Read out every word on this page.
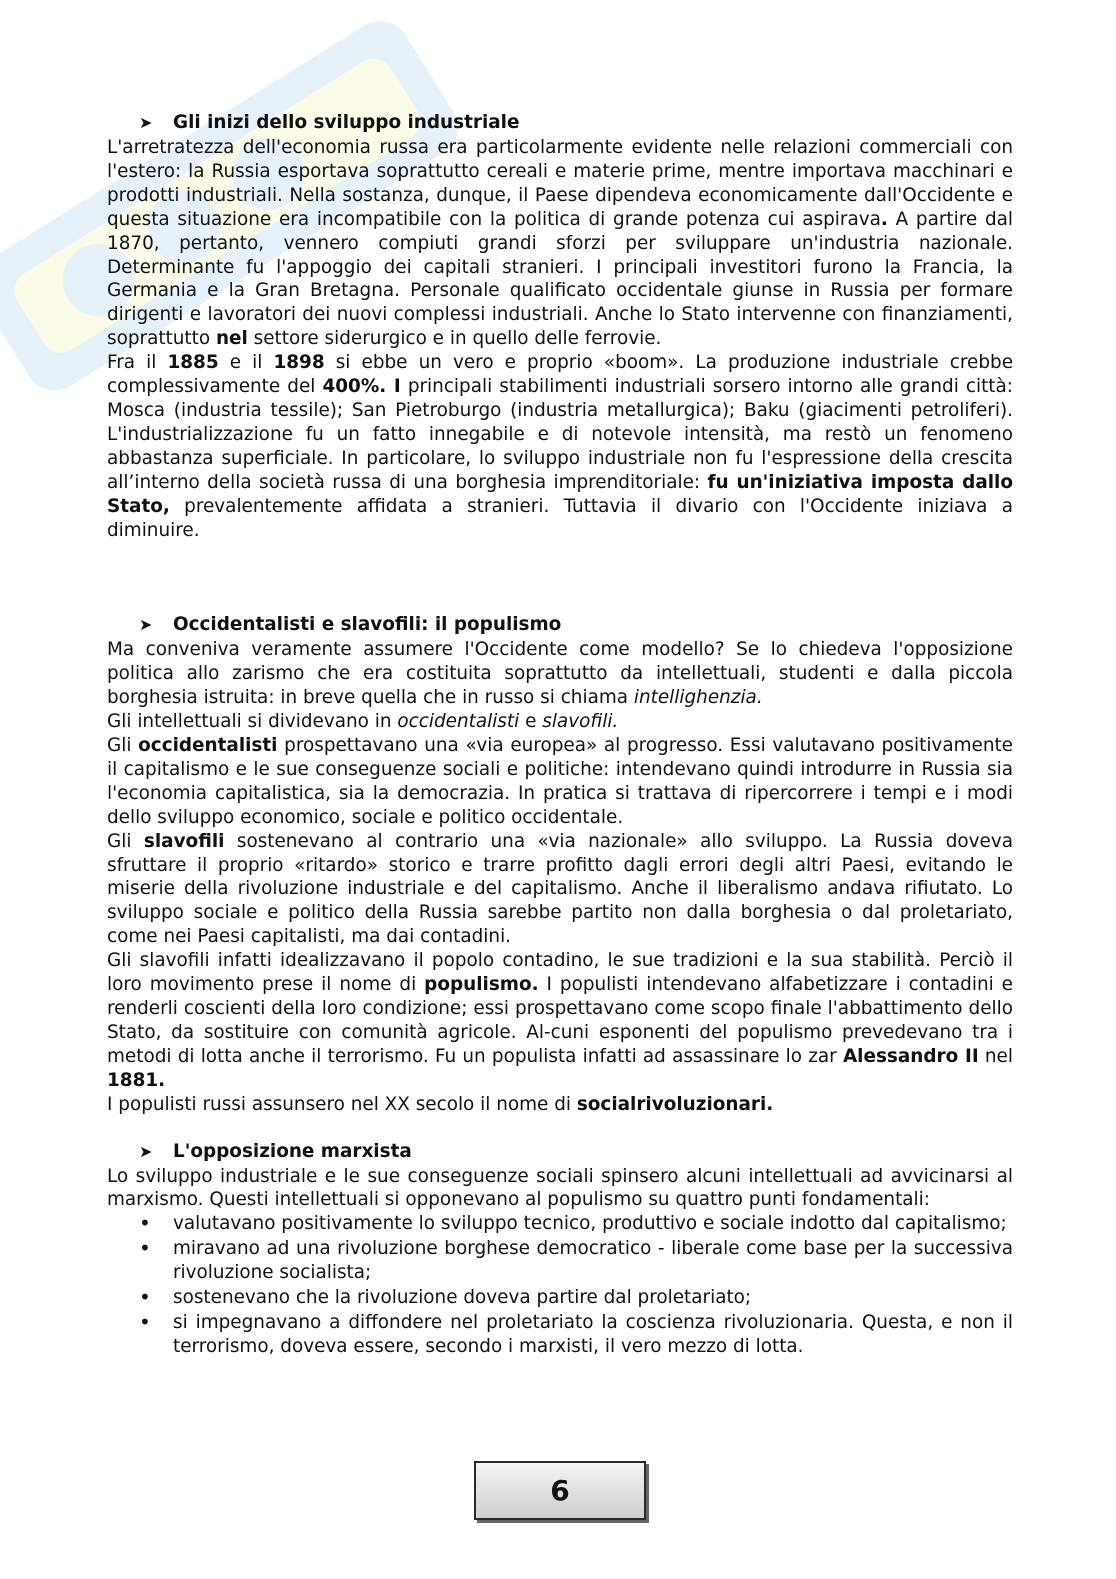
➤	Gli inizi dello sviluppo industriale

L'arretratezza dell'economia russa era particolarmente evidente nelle relazioni commerciali con l'estero: la Russia esportava soprattutto cereali e materie prime, mentre importava macchinari e prodotti industriali. Nella sostanza, dunque, il Paese dipendeva economicamente dall'Occidente e questa situazione era incompatibile con la politica di grande potenza cui aspirava. A partire dal 1870, pertanto, vennero compiuti grandi sforzi per sviluppare un'industria nazionale. Determinante fu l'appoggio dei capitali stranieri. I principali investitori furono la Francia, la Germania e la Gran Bretagna. Personale qualificato occidentale giunse in Russia per formare dirigenti e lavoratori dei nuovi complessi industriali. Anche lo Stato intervenne con finanziamenti, soprattutto nel settore siderurgico e in quello delle ferrovie.

Fra il 1885 e il 1898 si ebbe un vero e proprio «boom». La produzione industriale crebbe complessivamente del 400%. I principali stabilimenti industriali sorsero intorno alle grandi città: Mosca (industria tessile); San Pietroburgo (industria metallurgica); Baku (giacimenti petroliferi). L'industrializzazione fu un fatto innegabile e di notevole intensità, ma restò un fenomeno abbastanza superficiale. In particolare, lo sviluppo industriale non fu l'espressione della crescita all’interno della società russa di una borghesia imprenditoriale: fu un'iniziativa imposta dallo Stato, prevalentemente affidata a stranieri. Tuttavia il divario con l'Occidente iniziava a diminuire.

➤	Occidentalisti e slavofili: il populismo

Ma conveniva veramente assumere l'Occidente come modello? Se lo chiedeva l'opposizione politica allo zarismo che era costituita soprattutto da intellettuali, studenti e dalla piccola borghesia istruita: in breve quella che in russo si chiama intellighenzia.

Gli intellettuali si dividevano in occidentalisti e slavofili.

Gli occidentalisti prospettavano una «via europea» al progresso. Essi valutavano positivamente il capitalismo e le sue conseguenze sociali e politiche: intendevano quindi introdurre in Russia sia l'economia capitalistica, sia la democrazia. In pratica si trattava di ripercorrere i tempi e i modi dello sviluppo economico, sociale e politico occidentale.

Gli slavofili sostenevano al contrario una «via nazionale» allo sviluppo. La Russia doveva sfruttare il proprio «ritardo» storico e trarre profitto dagli errori degli altri Paesi, evitando le miserie della rivoluzione industriale e del capitalismo. Anche il liberalismo andava rifiutato. Lo sviluppo sociale e politico della Russia sarebbe partito non dalla borghesia o dal proletariato, come nei Paesi capitalisti, ma dai contadini.

Gli slavofili infatti idealizzavano il popolo contadino, le sue tradizioni e la sua stabilità. Perciò il loro movimento prese il nome di populismo. I populisti intendevano alfabetizzare i contadini e renderli coscienti della loro condizione; essi prospettavano come scopo finale l'abbattimento dello Stato, da sostituire con comunità agricole. Al-cuni esponenti del populismo prevedevano tra i metodi di lotta anche il terrorismo. Fu un populista infatti ad assassinare lo zar Alessandro II nel 1881.

I populisti russi assunsero nel XX secolo il nome di socialrivoluzionari.

➤	L'opposizione marxista

Lo sviluppo industriale e le sue conseguenze sociali spinsero alcuni intellettuali ad avvicinarsi al marxismo. Questi intellettuali si opponevano al populismo su quattro punti fondamentali:

• valutavano positivamente lo sviluppo tecnico, produttivo e sociale indotto dal capitalismo;
• miravano ad una rivoluzione borghese democratico - liberale come base per la successiva rivoluzione socialista;
• sostenevano che la rivoluzione doveva partire dal proletariato;
• si impegnavano a diffondere nel proletariato la coscienza rivoluzionaria. Questa, e non il terrorismo, doveva essere, secondo i marxisti, il vero mezzo di lotta.
6
